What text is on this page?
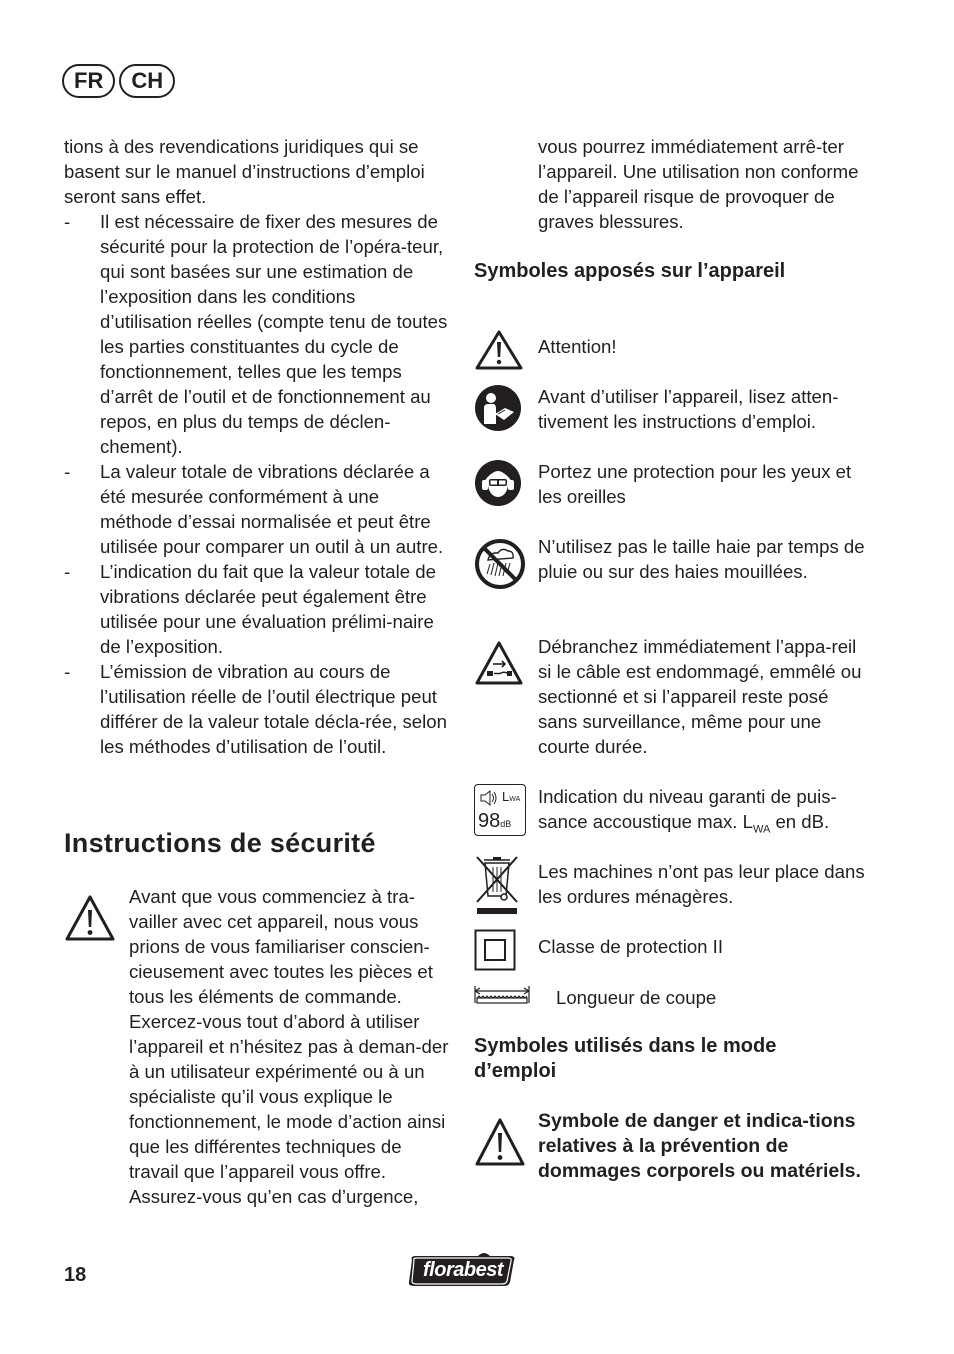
FR	CH

tions à des revendications juridiques qui se basent sur le manuel d’instructions d’emploi seront sans effet.

- Il est nécessaire de fixer des mesures de sécurité pour la protection de l’opéra-teur, qui sont basées sur une estimation de l’exposition dans les conditions d’utilisation réelles (compte tenu de toutes les parties constituantes du cycle de fonctionnement, telles que les temps d’arrêt de l’outil et de fonctionnement au repos, en plus du temps de déclen-chement).
- La valeur totale de vibrations déclarée a été mesurée conformément à une méthode d’essai normalisée et peut être utilisée pour comparer un outil à un autre.
- L’indication du fait que la valeur totale de vibrations déclarée peut également être utilisée pour une évaluation prélimi-naire de l’exposition.
- L’émission de vibration au cours de l’utilisation réelle de l’outil électrique peut différer de la valeur totale décla-rée, selon les méthodes d’utilisation de l’outil.
Instructions de sécurité
Avant que vous commenciez à tra-vailler avec cet appareil, nous vous prions de vous familiariser conscien-cieusement avec toutes les pièces et tous les éléments de commande. Exercez-vous tout d’abord à utiliser l’appareil et n’hésitez pas à deman-der à un utilisateur expérimenté ou à un spécialiste qu’il vous explique le fonctionnement, le mode d’action ainsi que les différentes techniques de travail que l’appareil vous offre. Assurez-vous qu’en cas d’urgence,
vous pourrez immédiatement arrê-ter l’appareil. Une utilisation non conforme de l’appareil risque de provoquer de graves blessures.
Symboles apposés sur l’appareil
Attention!
Avant d’utiliser l’appareil, lisez atten-tivement les instructions d’emploi.
Portez une protection pour les yeux et les oreilles
N’utilisez pas le taille haie par temps de pluie ou sur des haies mouillées.
Débranchez immédiatement l’appa-reil si le câble est endommagé, emmêlé ou sectionné et si l’appareil reste posé sans surveillance, même pour une courte durée.
LWA
98dB
Indication du niveau garanti de puis-sance accoustique max. $L_{WA}$ en dB.
Les machines n’ont pas leur place dans les ordures ménagères.
Classe de protection II
Longueur de coupe
Symboles utilisés dans le mode d’emploi
Symbole de danger et indica-tions relatives à la prévention de dommages corporels ou matériels.
18	florabest
